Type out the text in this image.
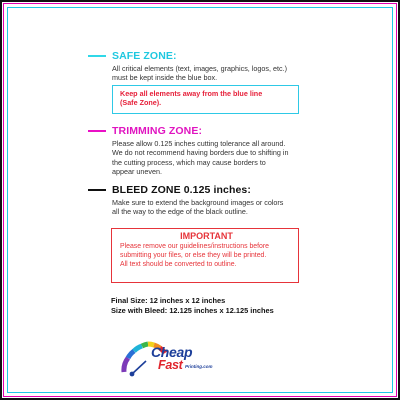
SAFE ZONE:
All critical elements (text, images, graphics, logos, etc.)
must be kept inside the blue box.
Keep all elements away from the blue line
(Safe Zone).
TRIMMING ZONE:
Please allow 0.125 inches cutting tolerance all around.
We do not recommend having borders due to shifting in
the cutting process, which may cause borders to
appear uneven.
BLEED ZONE 0.125 inches:
Make sure to extend the background images or colors
all the way to the edge of the black outline.
IMPORTANT
Please remove our guidelines/instructions before
submitting your files, or else they will be printed.
All text should be converted to outline.
Final Size: 12 inches x 12 inches
Size with Bleed: 12.125 inches x 12.125 inches
Cheap
Fast Printing.com
